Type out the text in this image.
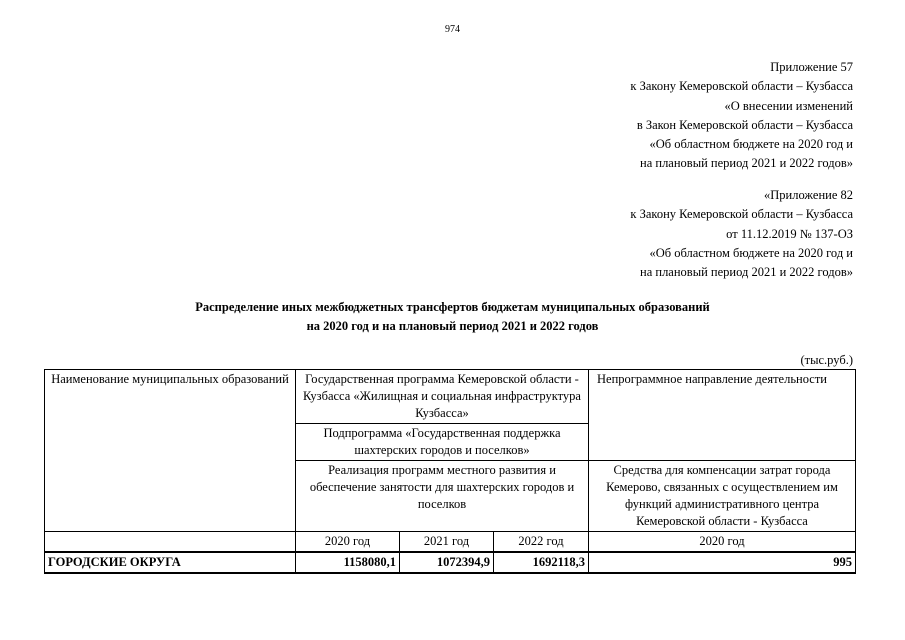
974
Приложение 57
к Закону Кемеровской области – Кузбасса
«О внесении изменений
в Закон Кемеровской области – Кузбасса
«Об областном бюджете на 2020 год и
на плановый период 2021 и 2022 годов»
«Приложение 82
к Закону Кемеровской области – Кузбасса
от 11.12.2019 № 137-ОЗ
«Об областном бюджете на 2020 год и
на плановый период 2021 и 2022 годов»
Распределение иных межбюджетных трансфертов бюджетам муниципальных образований
на 2020 год и на плановый период 2021 и 2022 годов
(тыс.руб.)
Наименование муниципальных образований	Государственная программа Кемеровской области - Кузбасса «Жилищная и социальная инфраструктура Кузбасса»			Непрограммное направление деятельности
	Подпрограмма «Государственная поддержка шахтерских городов и поселков»			
	Реализация программ местного развития и обеспечение занятости для шахтерских городов и поселков			Средства для компенсации затрат города Кемерово, связанных с осуществлением им функций административного центра Кемеровской области - Кузбасса
	2020 год	2021 год	2022 год	2020 год
ГОРОДСКИЕ ОКРУГА	1158080,1	1072394,9	1692118,3	995
